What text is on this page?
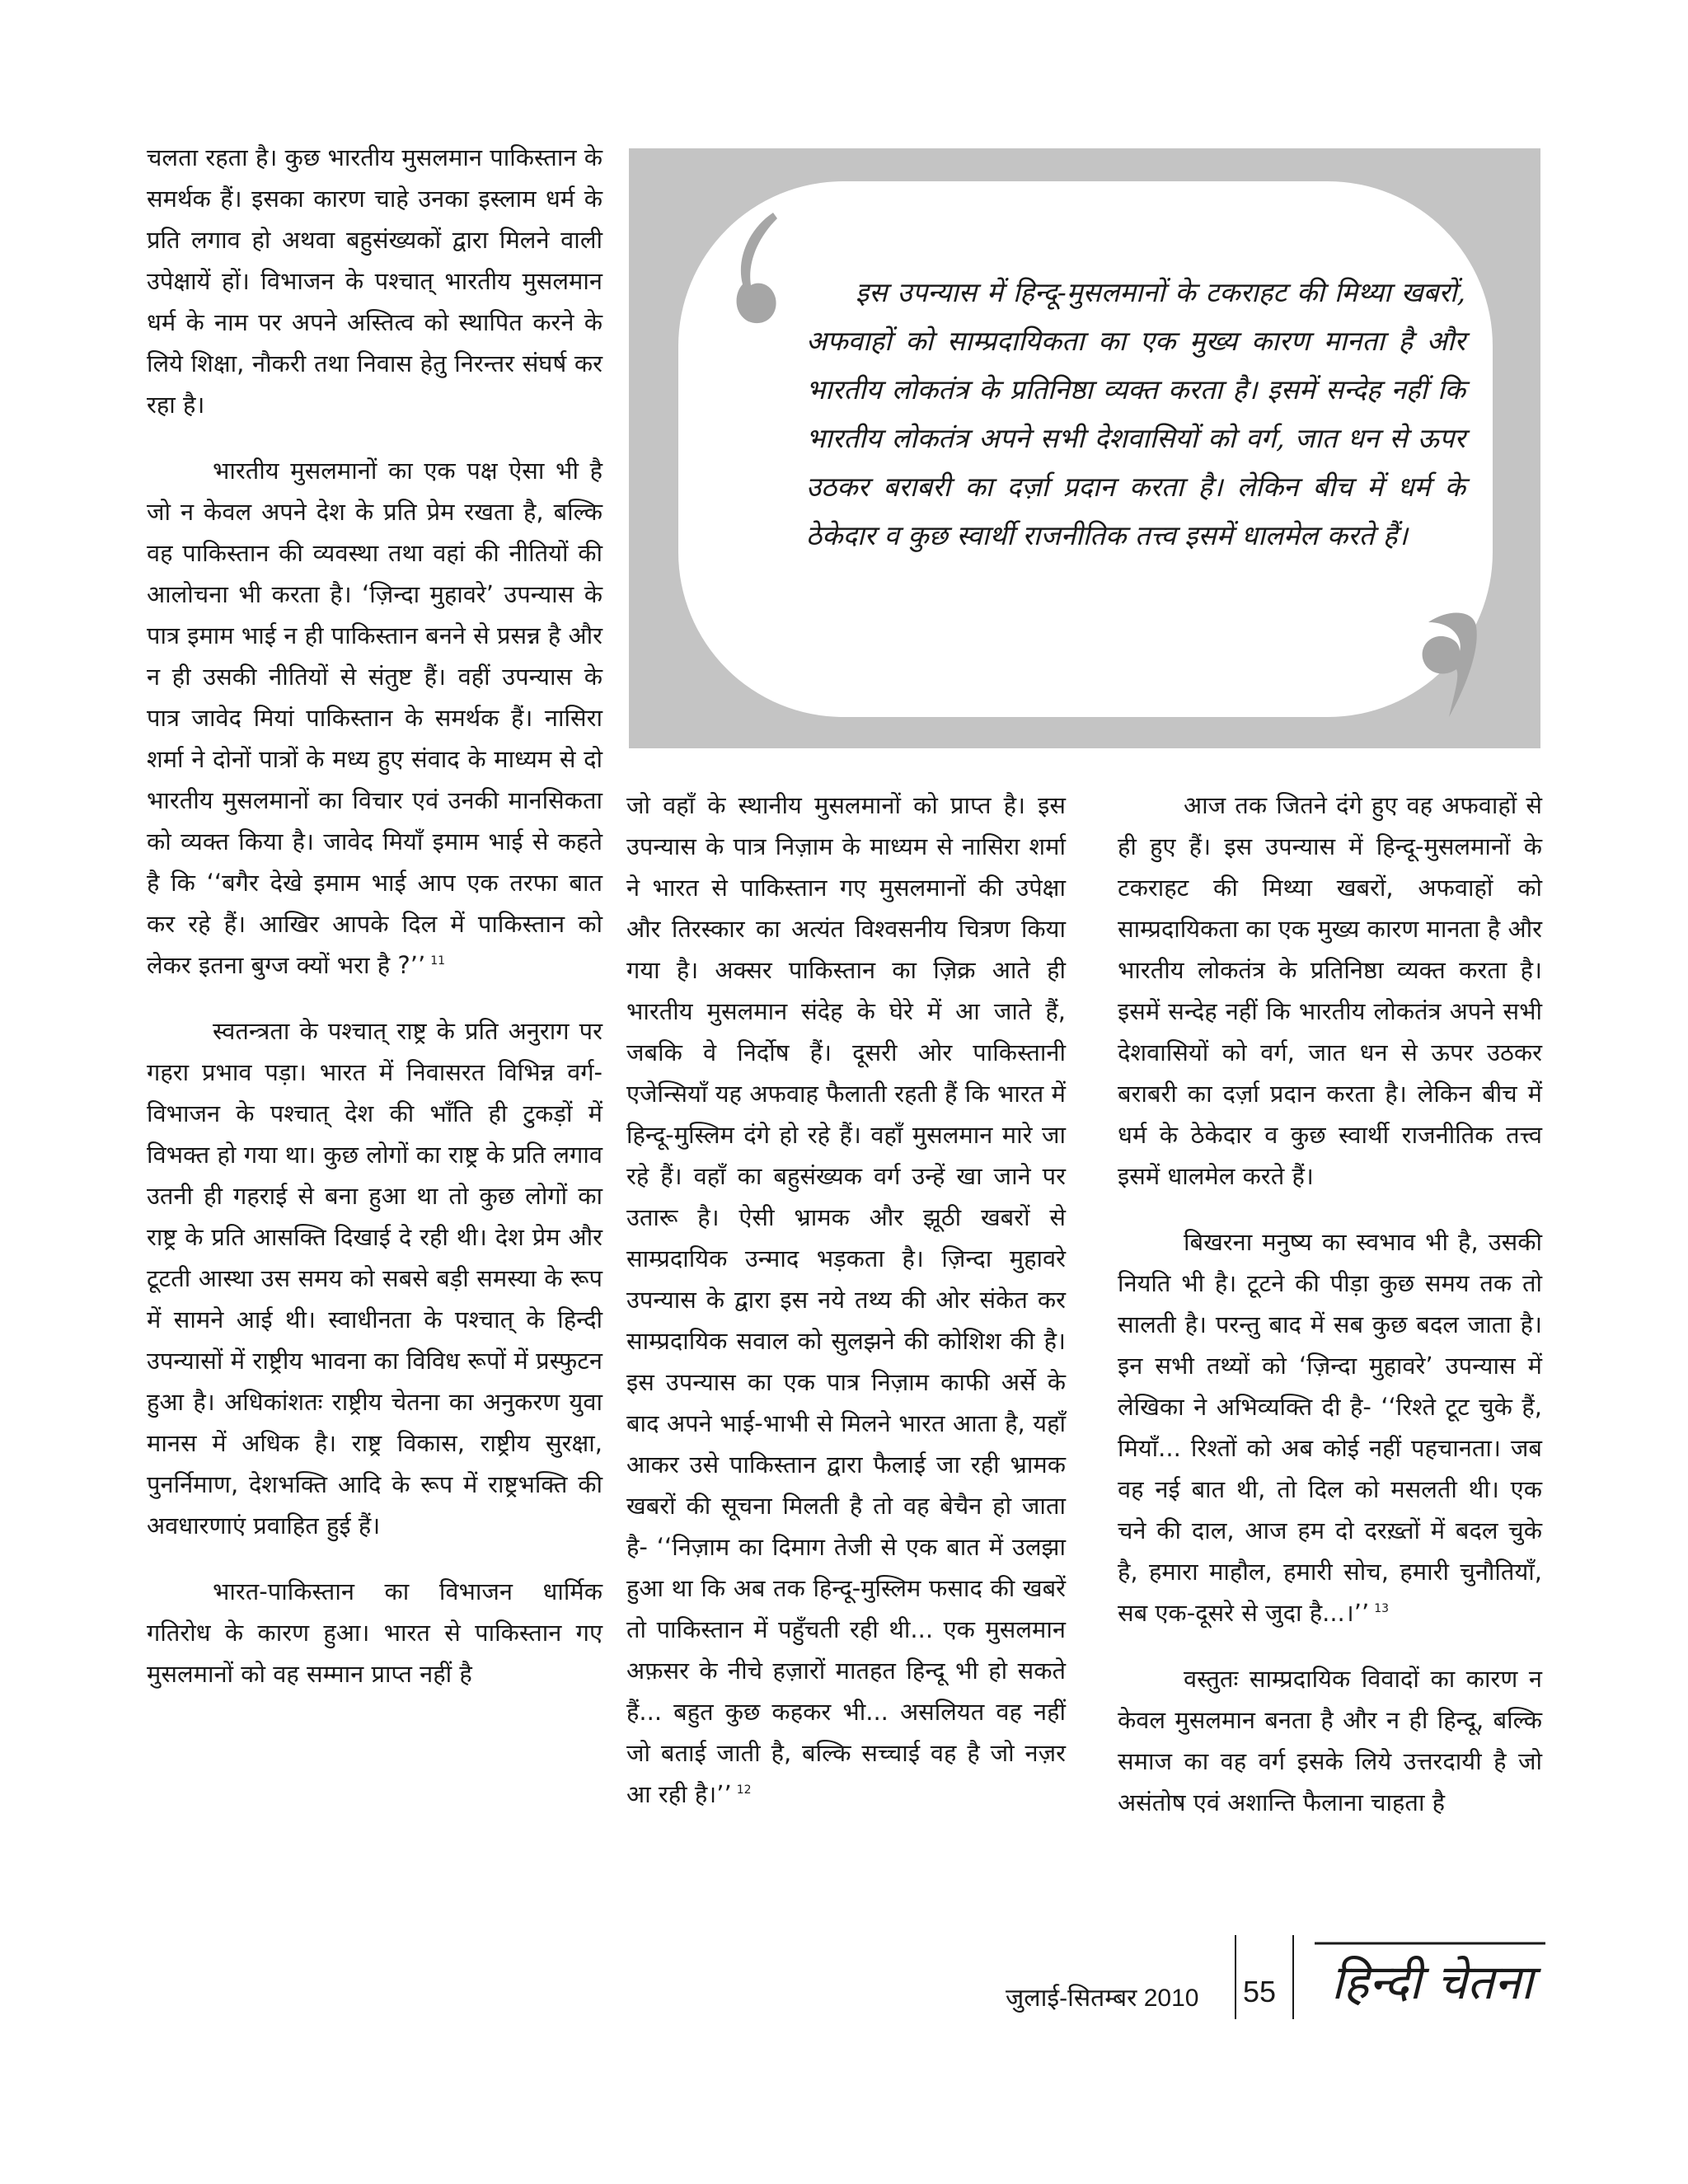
चलता रहता है। कुछ भारतीय मुसलमान पाकिस्तान के समर्थक हैं। इसका कारण चाहे उनका इस्लाम धर्म के प्रति लगाव हो अथवा बहुसंख्यकों द्वारा मिलने वाली उपेक्षायें हों। विभाजन के पश्चात् भारतीय मुसलमान धर्म के नाम पर अपने अस्तित्व को स्थापित करने के लिये शिक्षा, नौकरी तथा निवास हेतु निरन्तर संघर्ष कर रहा है।

भारतीय मुसलमानों का एक पक्ष ऐसा भी है जो न केवल अपने देश के प्रति प्रेम रखता है, बल्कि वह पाकिस्तान की व्यवस्था तथा वहां की नीतियों की आलोचना भी करता है। ‘ज़िन्दा मुहावरे’ उपन्यास के पात्र इमाम भाई न ही पाकिस्तान बनने से प्रसन्न है और न ही उसकी नीतियों से संतुष्ट हैं। वहीं उपन्यास के पात्र जावेद मियां पाकिस्तान के समर्थक हैं। नासिरा शर्मा ने दोनों पात्रों के मध्य हुए संवाद के माध्यम से दो भारतीय मुसलमानों का विचार एवं उनकी मानसिकता को व्यक्त किया है। जावेद मियाँ इमाम भाई से कहते है कि ‘‘बगैर देखे इमाम भाई आप एक तरफा बात कर रहे हैं। आखिर आपके दिल में पाकिस्तान को लेकर इतना बुग्ज क्यों भरा है ?’’ $^{11}$

स्वतन्त्रता के पश्चात् राष्ट्र के प्रति अनुराग पर गहरा प्रभाव पड़ा। भारत में निवासरत विभिन्न वर्ग-विभाजन के पश्चात् देश की भाँति ही टुकड़ों में विभक्त हो गया था। कुछ लोगों का राष्ट्र के प्रति लगाव उतनी ही गहराई से बना हुआ था तो कुछ लोगों का राष्ट्र के प्रति आसक्ति दिखाई दे रही थी। देश प्रेम और टूटती आस्था उस समय को सबसे बड़ी समस्या के रूप में सामने आई थी। स्वाधीनता के पश्चात् के हिन्दी उपन्यासों में राष्ट्रीय भावना का विविध रूपों में प्रस्फुटन हुआ है। अधिकांशतः राष्ट्रीय चेतना का अनुकरण युवा मानस में अधिक है। राष्ट्र विकास, राष्ट्रीय सुरक्षा, पुनर्निमाण, देशभक्ति आदि के रूप में राष्ट्रभक्ति की अवधारणाएं प्रवाहित हुई हैं।

भारत-पाकिस्तान का विभाजन धार्मिक गतिरोध के कारण हुआ। भारत से पाकिस्तान गए मुसलमानों को वह सम्मान प्राप्त नहीं है

इस उपन्यास में हिन्दू-मुसलमानों के टकराहट की मिथ्या खबरों, अफवाहों को साम्प्रदायिकता का एक मुख्य कारण मानता है और भारतीय लोकतंत्र के प्रतिनिष्ठा व्यक्त करता है। इसमें सन्देह नहीं कि भारतीय लोकतंत्र अपने सभी देशवासियों को वर्ग, जात धन से ऊपर उठकर बराबरी का दर्ज़ा प्रदान करता है। लेकिन बीच में धर्म के ठेकेदार व कुछ स्वार्थी राजनीतिक तत्त्व इसमें धालमेल करते हैं।

जो वहाँ के स्थानीय मुसलमानों को प्राप्त है। इस उपन्यास के पात्र निज़ाम के माध्यम से नासिरा शर्मा ने भारत से पाकिस्तान गए मुसलमानों की उपेक्षा और तिरस्कार का अत्यंत विश्वसनीय चित्रण किया गया है। अक्सर पाकिस्तान का ज़िक्र आते ही भारतीय मुसलमान संदेह के घेरे में आ जाते हैं, जबकि वे निर्दोष हैं। दूसरी ओर पाकिस्तानी एजेन्सियाँ यह अफवाह फैलाती रहती हैं कि भारत में हिन्दू-मुस्लिम दंगे हो रहे हैं। वहाँ मुसलमान मारे जा रहे हैं। वहाँ का बहुसंख्यक वर्ग उन्हें खा जाने पर उतारू है। ऐसी भ्रामक और झूठी खबरों से साम्प्रदायिक उन्माद भड़कता है। ज़िन्दा मुहावरे उपन्यास के द्वारा इस नये तथ्य की ओर संकेत कर साम्प्रदायिक सवाल को सुलझने की कोशिश की है। इस उपन्यास का एक पात्र निज़ाम काफी अर्से के बाद अपने भाई-भाभी से मिलने भारत आता है, यहाँ आकर उसे पाकिस्तान द्वारा फैलाई जा रही भ्रामक खबरों की सूचना मिलती है तो वह बेचैन हो जाता है- ‘‘निज़ाम का दिमाग तेजी से एक बात में उलझा हुआ था कि अब तक हिन्दू-मुस्लिम फसाद की खबरें तो पाकिस्तान में पहुँचती रही थी... एक मुसलमान अफ़सर के नीचे हज़ारों मातहत हिन्दू भी हो सकते हैं... बहुत कुछ कहकर भी... असलियत वह नहीं जो बताई जाती है, बल्कि सच्चाई वह है जो नज़र आ रही है।’’ $^{12}$

आज तक जितने दंगे हुए वह अफवाहों से ही हुए हैं। इस उपन्यास में हिन्दू-मुसलमानों के टकराहट की मिथ्या खबरों, अफवाहों को साम्प्रदायिकता का एक मुख्य कारण मानता है और भारतीय लोकतंत्र के प्रतिनिष्ठा व्यक्त करता है। इसमें सन्देह नहीं कि भारतीय लोकतंत्र अपने सभी देशवासियों को वर्ग, जात धन से ऊपर उठकर बराबरी का दर्ज़ा प्रदान करता है। लेकिन बीच में धर्म के ठेकेदार व कुछ स्वार्थी राजनीतिक तत्त्व इसमें धालमेल करते हैं।

बिखरना मनुष्य का स्वभाव भी है, उसकी नियति भी है। टूटने की पीड़ा कुछ समय तक तो सालती है। परन्तु बाद में सब कुछ बदल जाता है। इन सभी तथ्यों को ‘ज़िन्दा मुहावरे’ उपन्यास में लेखिका ने अभिव्यक्ति दी है- ‘‘रिश्ते टूट चुके हैं, मियाँ... रिश्तों को अब कोई नहीं पहचानता। जब वह नई बात थी, तो दिल को मसलती थी। एक चने की दाल, आज हम दो दरख़्तों में बदल चुके है, हमारा माहौल, हमारी सोच, हमारी चुनौतियाँ, सब एक-दूसरे से जुदा है...।’’ $^{13}$

वस्तुतः साम्प्रदायिक विवादों का कारण न केवल मुसलमान बनता है और न ही हिन्दू, बल्कि समाज का वह वर्ग इसके लिये उत्तरदायी है जो असंतोष एवं अशान्ति फैलाना चाहता है

जुलाई-सितम्बर 2010 55 हिन्दी चेतना
